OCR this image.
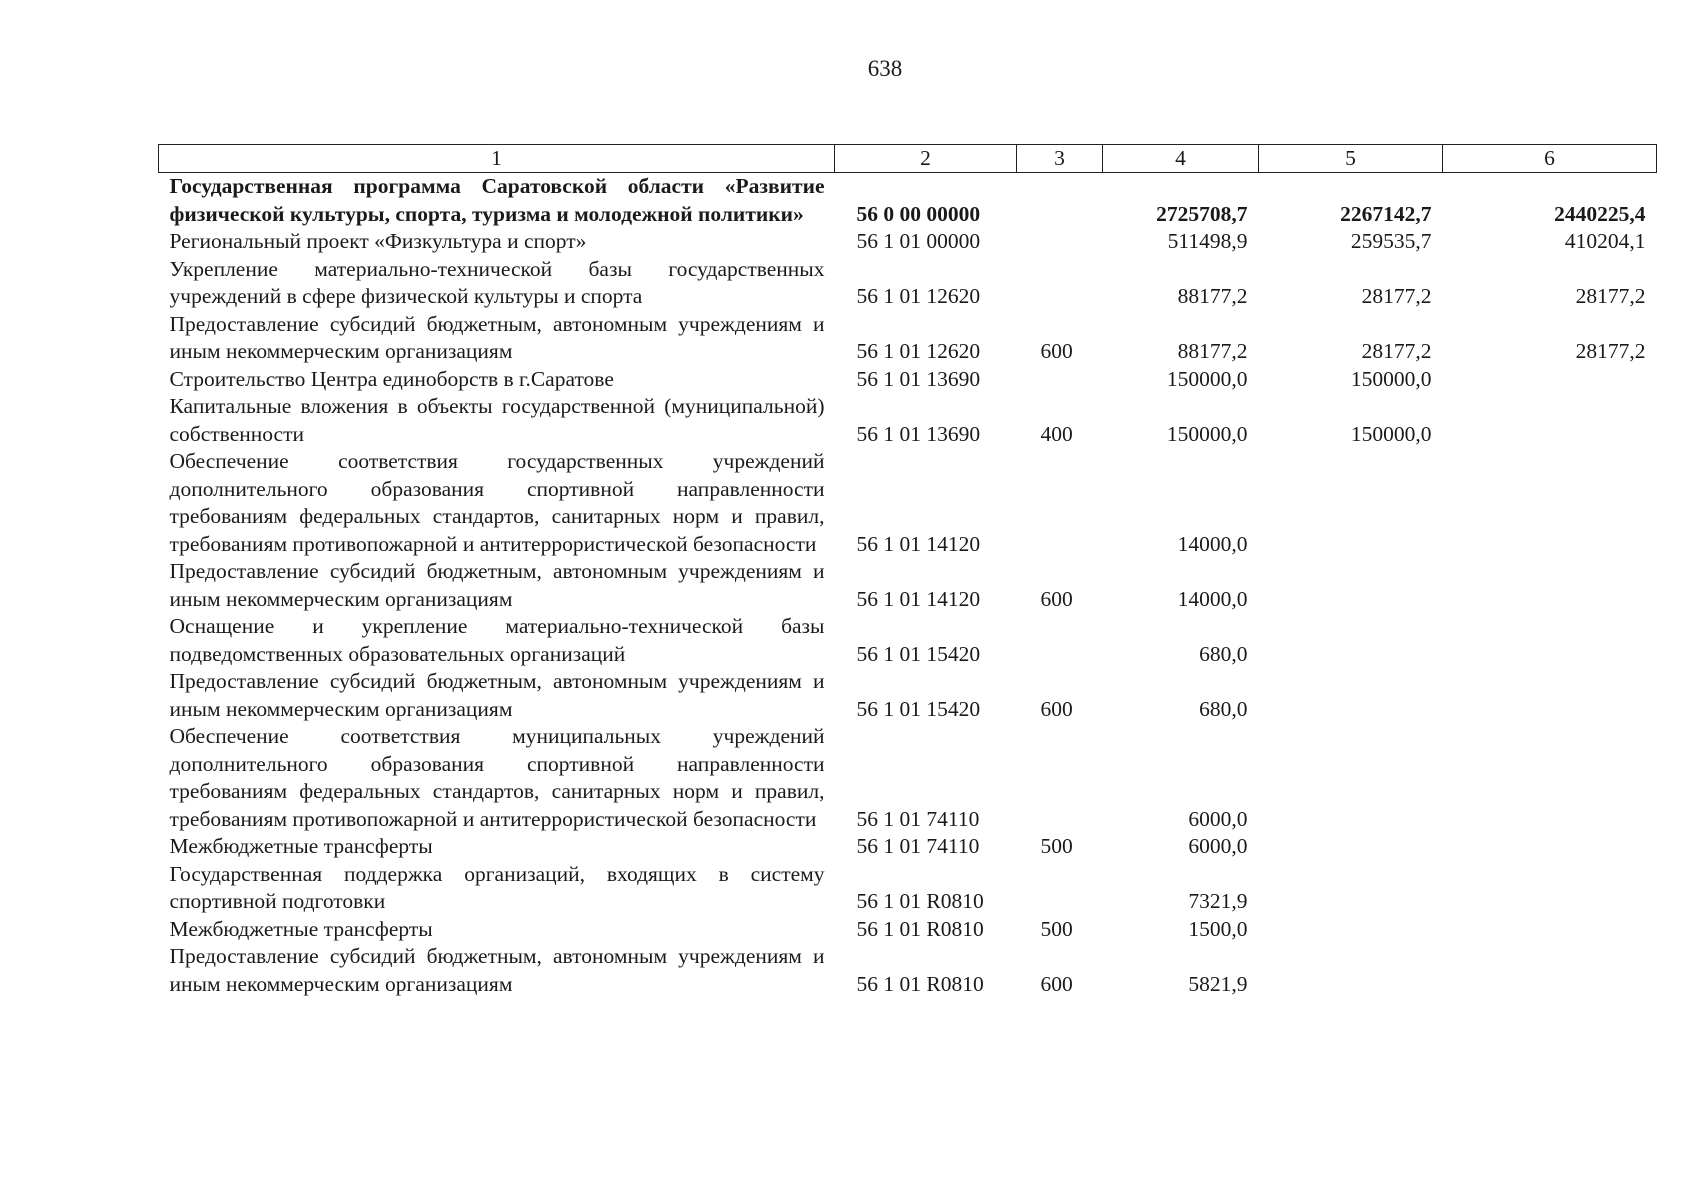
638
1	2	3	4	5	6
Государственная программа Саратовской области «Развитие физической культуры, спорта, туризма и молодежной политики»	56 0 00 00000		2725708,7	2267142,7	2440225,4
Региональный проект «Физкультура и спорт»	56 1 01 00000		511498,9	259535,7	410204,1
Укрепление материально-технической базы государственных учреждений в сфере физической культуры и спорта	56 1 01 12620		88177,2	28177,2	28177,2
Предоставление субсидий бюджетным, автономным учреждениям и иным некоммерческим организациям	56 1 01 12620	600	88177,2	28177,2	28177,2
Строительство Центра единоборств в г.Саратове	56 1 01 13690		150000,0	150000,0	
Капитальные вложения в объекты государственной (муниципальной) собственности	56 1 01 13690	400	150000,0	150000,0	
Обеспечение соответствия государственных учреждений дополнительного образования спортивной направленности требованиям федеральных стандартов, санитарных норм и правил, требованиям противопожарной и антитеррористической безопасности	56 1 01 14120		14000,0		
Предоставление субсидий бюджетным, автономным учреждениям и иным некоммерческим организациям	56 1 01 14120	600	14000,0		
Оснащение и укрепление материально-технической базы подведомственных образовательных организаций	56 1 01 15420		680,0		
Предоставление субсидий бюджетным, автономным учреждениям и иным некоммерческим организациям	56 1 01 15420	600	680,0		
Обеспечение соответствия муниципальных учреждений дополнительного образования спортивной направленности требованиям федеральных стандартов, санитарных норм и правил, требованиям противопожарной и антитеррористической безопасности	56 1 01 74110		6000,0		
Межбюджетные трансферты	56 1 01 74110	500	6000,0		
Государственная поддержка организаций, входящих в систему спортивной подготовки	56 1 01 R0810		7321,9		
Межбюджетные трансферты	56 1 01 R0810	500	1500,0		
Предоставление субсидий бюджетным, автономным учреждениям и иным некоммерческим организациям	56 1 01 R0810	600	5821,9		
